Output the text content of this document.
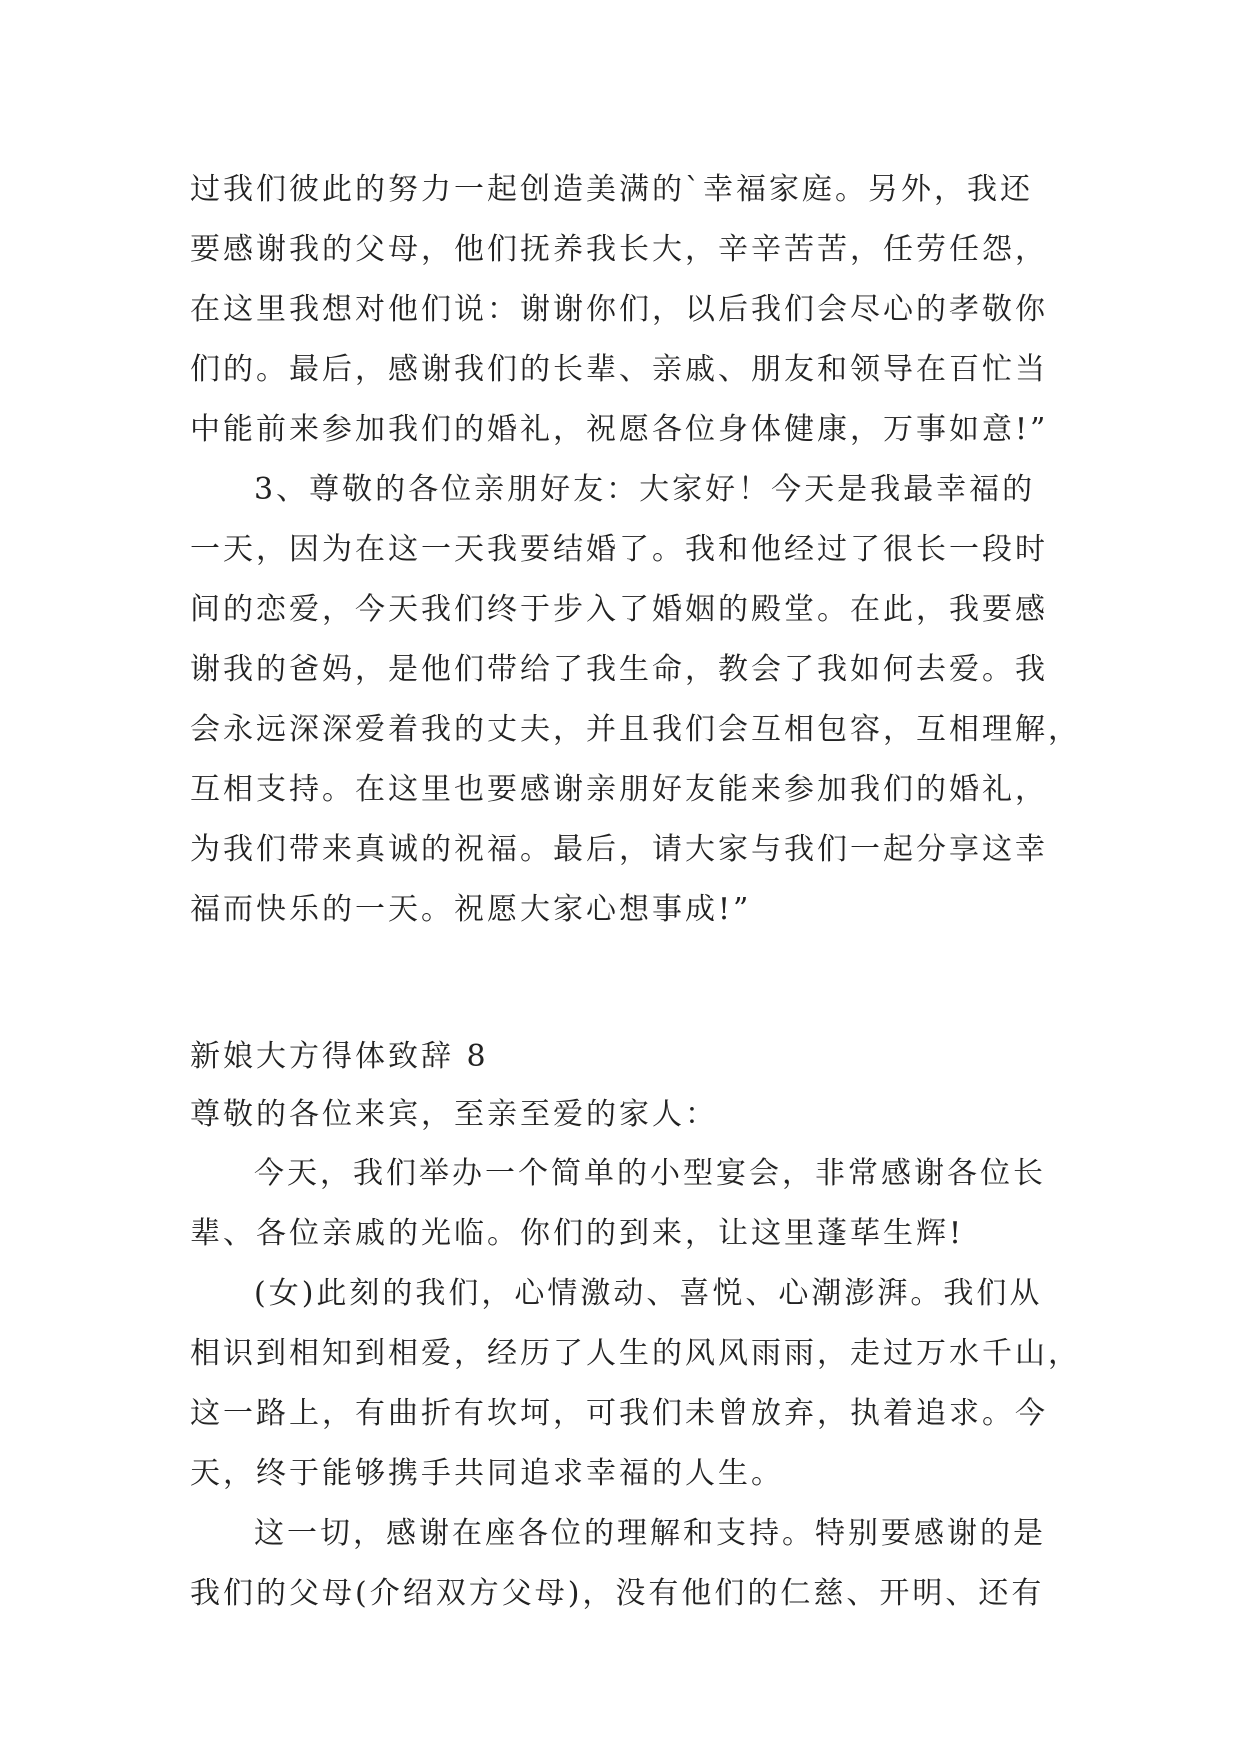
过我们彼此的努力一起创造美满的`幸福家庭。另外，我还
要感谢我的父母，他们抚养我长大，辛辛苦苦，任劳任怨，
在这里我想对他们说：谢谢你们，以后我们会尽心的孝敬你
们的。最后，感谢我们的长辈、亲戚、朋友和领导在百忙当
中能前来参加我们的婚礼，祝愿各位身体健康，万事如意!”
3、尊敬的各位亲朋好友：大家好！今天是我最幸福的
一天，因为在这一天我要结婚了。我和他经过了很长一段时
间的恋爱，今天我们终于步入了婚姻的殿堂。在此，我要感
谢我的爸妈，是他们带给了我生命，教会了我如何去爱。我
会永远深深爱着我的丈夫，并且我们会互相包容，互相理解，
互相支持。在这里也要感谢亲朋好友能来参加我们的婚礼，
为我们带来真诚的祝福。最后，请大家与我们一起分享这幸
福而快乐的一天。祝愿大家心想事成!”
新娘大方得体致辞 8
尊敬的各位来宾，至亲至爱的家人：
今天，我们举办一个简单的小型宴会，非常感谢各位长
辈、各位亲戚的光临。你们的到来，让这里蓬荜生辉!
(女)此刻的我们，心情激动、喜悦、心潮澎湃。我们从
相识到相知到相爱，经历了人生的风风雨雨，走过万水千山，
这一路上，有曲折有坎坷，可我们未曾放弃，执着追求。今
天，终于能够携手共同追求幸福的人生。
这一切，感谢在座各位的理解和支持。特别要感谢的是
我们的父母(介绍双方父母)，没有他们的仁慈、开明、还有
